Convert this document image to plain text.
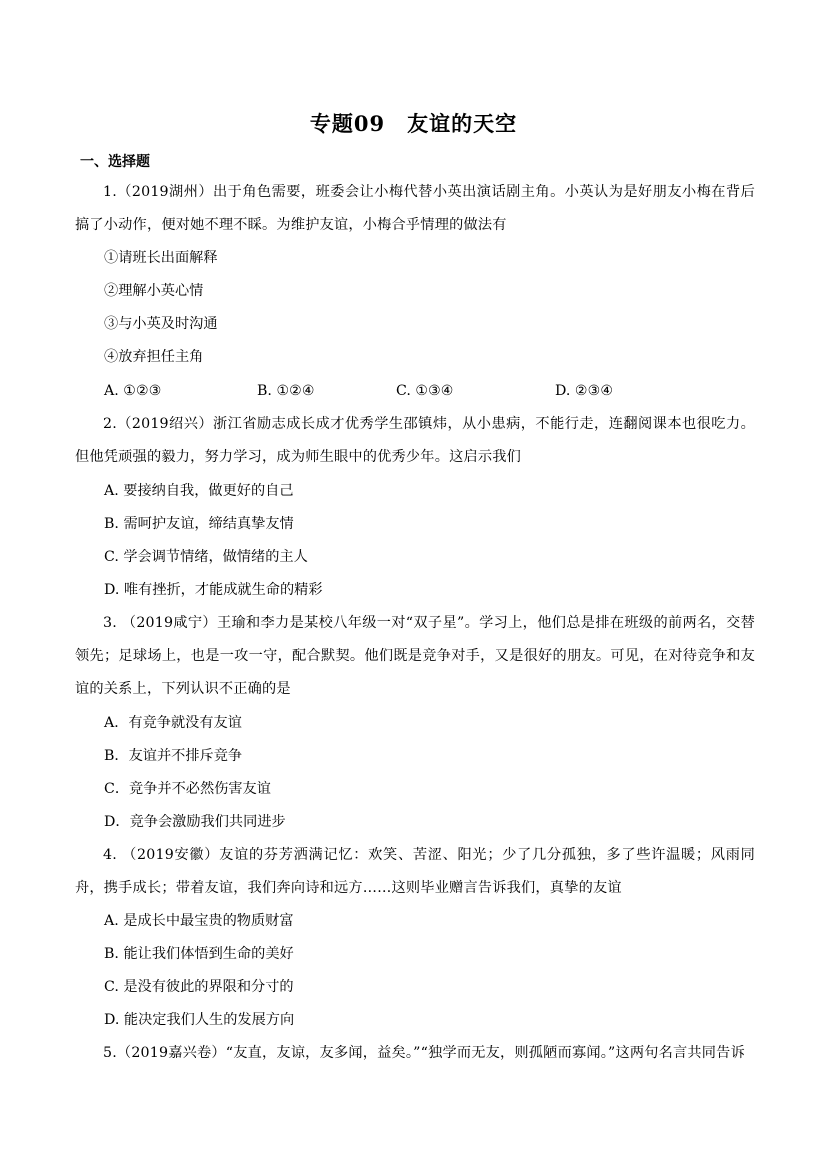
专题09　友谊的天空
一、选择题
1.（2019湖州）出于角色需要，班委会让小梅代替小英出演话剧主角。小英认为是好朋友小梅在背后搞了小动作，便对她不理不睬。为维护友谊，小梅合乎情理的做法有
①请班长出面解释
②理解小英心情
③与小英及时沟通
④放弃担任主角
A. ①②③	B. ①②④	C. ①③④	D. ②③④
2.（2019绍兴）浙江省励志成长成才优秀学生邵镇炜，从小患病，不能行走，连翻阅课本也很吃力。但他凭顽强的毅力，努力学习，成为师生眼中的优秀少年。这启示我们
A. 要接纳自我，做更好的自己
B. 需呵护友谊，缔结真挚友情
C. 学会调节情绪，做情绪的主人
D. 唯有挫折，才能成就生命的精彩
3. （2019咸宁）王瑜和李力是某校八年级一对“双子星”。学习上，他们总是排在班级的前两名，交替领先；足球场上，也是一攻一守，配合默契。他们既是竞争对手，又是很好的朋友。可见，在对待竞争和友谊的关系上，下列认识不正确的是
A．有竞争就没有友谊
B．友谊并不排斥竞争
C．竞争并不必然伤害友谊
D．竞争会激励我们共同进步
4. （2019安徽）友谊的芬芳洒满记忆：欢笑、苦涩、阳光；少了几分孤独，多了些许温暖；风雨同舟，携手成长；带着友谊，我们奔向诗和远方……这则毕业赠言告诉我们，真挚的友谊
A. 是成长中最宝贵的物质财富
B. 能让我们体悟到生命的美好
C. 是没有彼此的界限和分寸的
D. 能决定我们人生的发展方向
5.（2019嘉兴卷）“友直，友谅，友多闻，益矣。”“独学而无友，则孤陋而寡闻。”这两句名言共同告诉
